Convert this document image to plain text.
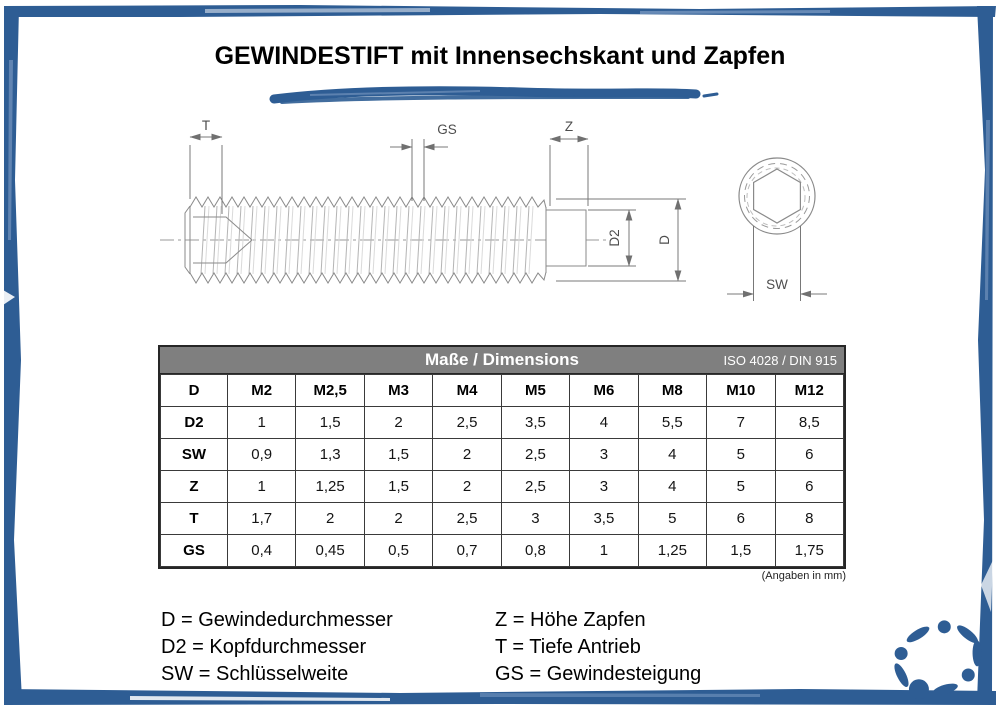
T	GS	Z
D2	D
SW
GEWINDESTIFT mit Innensechskant und Zapfen
Maße / Dimensions	ISO 4028 / DIN 915
D	M2	M2,5	M3	M4	M5	M6	M8	M10	M12
D2	1	1,5	2	2,5	3,5	4	5,5	7	8,5
SW	0,9	1,3	1,5	2	2,5	3	4	5	6
Z	1	1,25	1,5	2	2,5	3	4	5	6
T	1,7	2	2	2,5	3	3,5	5	6	8
GS	0,4	0,45	0,5	0,7	0,8	1	1,25	1,5	1,75
(Angaben in mm)
D = Gewindedurchmesser
D2 = Kopfdurchmesser
SW = Schlüsselweite
Z = Höhe Zapfen
T = Tiefe Antrieb
GS = Gewindesteigung
